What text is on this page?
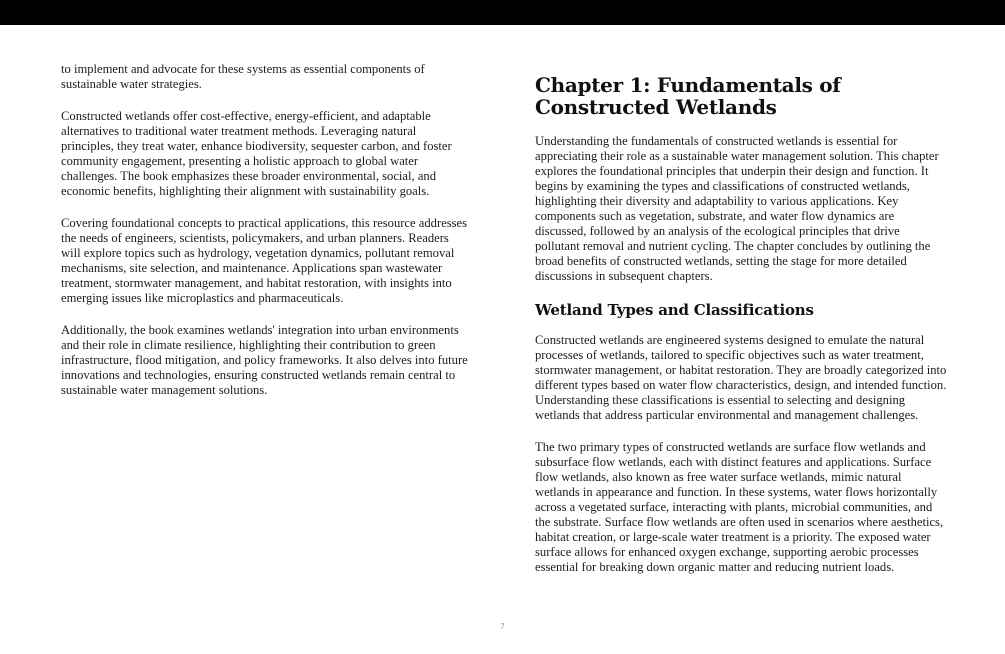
to implement and advocate for these systems as essential components of sustainable water strategies.

Constructed wetlands offer cost-effective, energy-efficient, and adaptable alternatives to traditional water treatment methods. Leveraging natural principles, they treat water, enhance biodiversity, sequester carbon, and foster community engagement, presenting a holistic approach to global water challenges. The book emphasizes these broader environmental, social, and economic benefits, highlighting their alignment with sustainability goals.

Covering foundational concepts to practical applications, this resource addresses the needs of engineers, scientists, policymakers, and urban planners. Readers will explore topics such as hydrology, vegetation dynamics, pollutant removal mechanisms, site selection, and maintenance. Applications span wastewater treatment, stormwater management, and habitat restoration, with insights into emerging issues like microplastics and pharmaceuticals.

Additionally, the book examines wetlands' integration into urban environments and their role in climate resilience, highlighting their contribution to green infrastructure, flood mitigation, and policy frameworks. It also delves into future innovations and technologies, ensuring constructed wetlands remain central to sustainable water management solutions.

Chapter 1: Fundamentals of Constructed Wetlands

Understanding the fundamentals of constructed wetlands is essential for appreciating their role as a sustainable water management solution. This chapter explores the foundational principles that underpin their design and function. It begins by examining the types and classifications of constructed wetlands, highlighting their diversity and adaptability to various applications. Key components such as vegetation, substrate, and water flow dynamics are discussed, followed by an analysis of the ecological principles that drive pollutant removal and nutrient cycling. The chapter concludes by outlining the broad benefits of constructed wetlands, setting the stage for more detailed discussions in subsequent chapters.

Wetland Types and Classifications

Constructed wetlands are engineered systems designed to emulate the natural processes of wetlands, tailored to specific objectives such as water treatment, stormwater management, or habitat restoration. They are broadly categorized into different types based on water flow characteristics, design, and intended function. Understanding these classifications is essential to selecting and designing wetlands that address particular environmental and management challenges.

The two primary types of constructed wetlands are surface flow wetlands and subsurface flow wetlands, each with distinct features and applications. Surface flow wetlands, also known as free water surface wetlands, mimic natural wetlands in appearance and function. In these systems, water flows horizontally across a vegetated surface, interacting with plants, microbial communities, and the substrate. Surface flow wetlands are often used in scenarios where aesthetics, habitat creation, or large-scale water treatment is a priority. The exposed water surface allows for enhanced oxygen exchange, supporting aerobic processes essential for breaking down organic matter and reducing nutrient loads.

7
